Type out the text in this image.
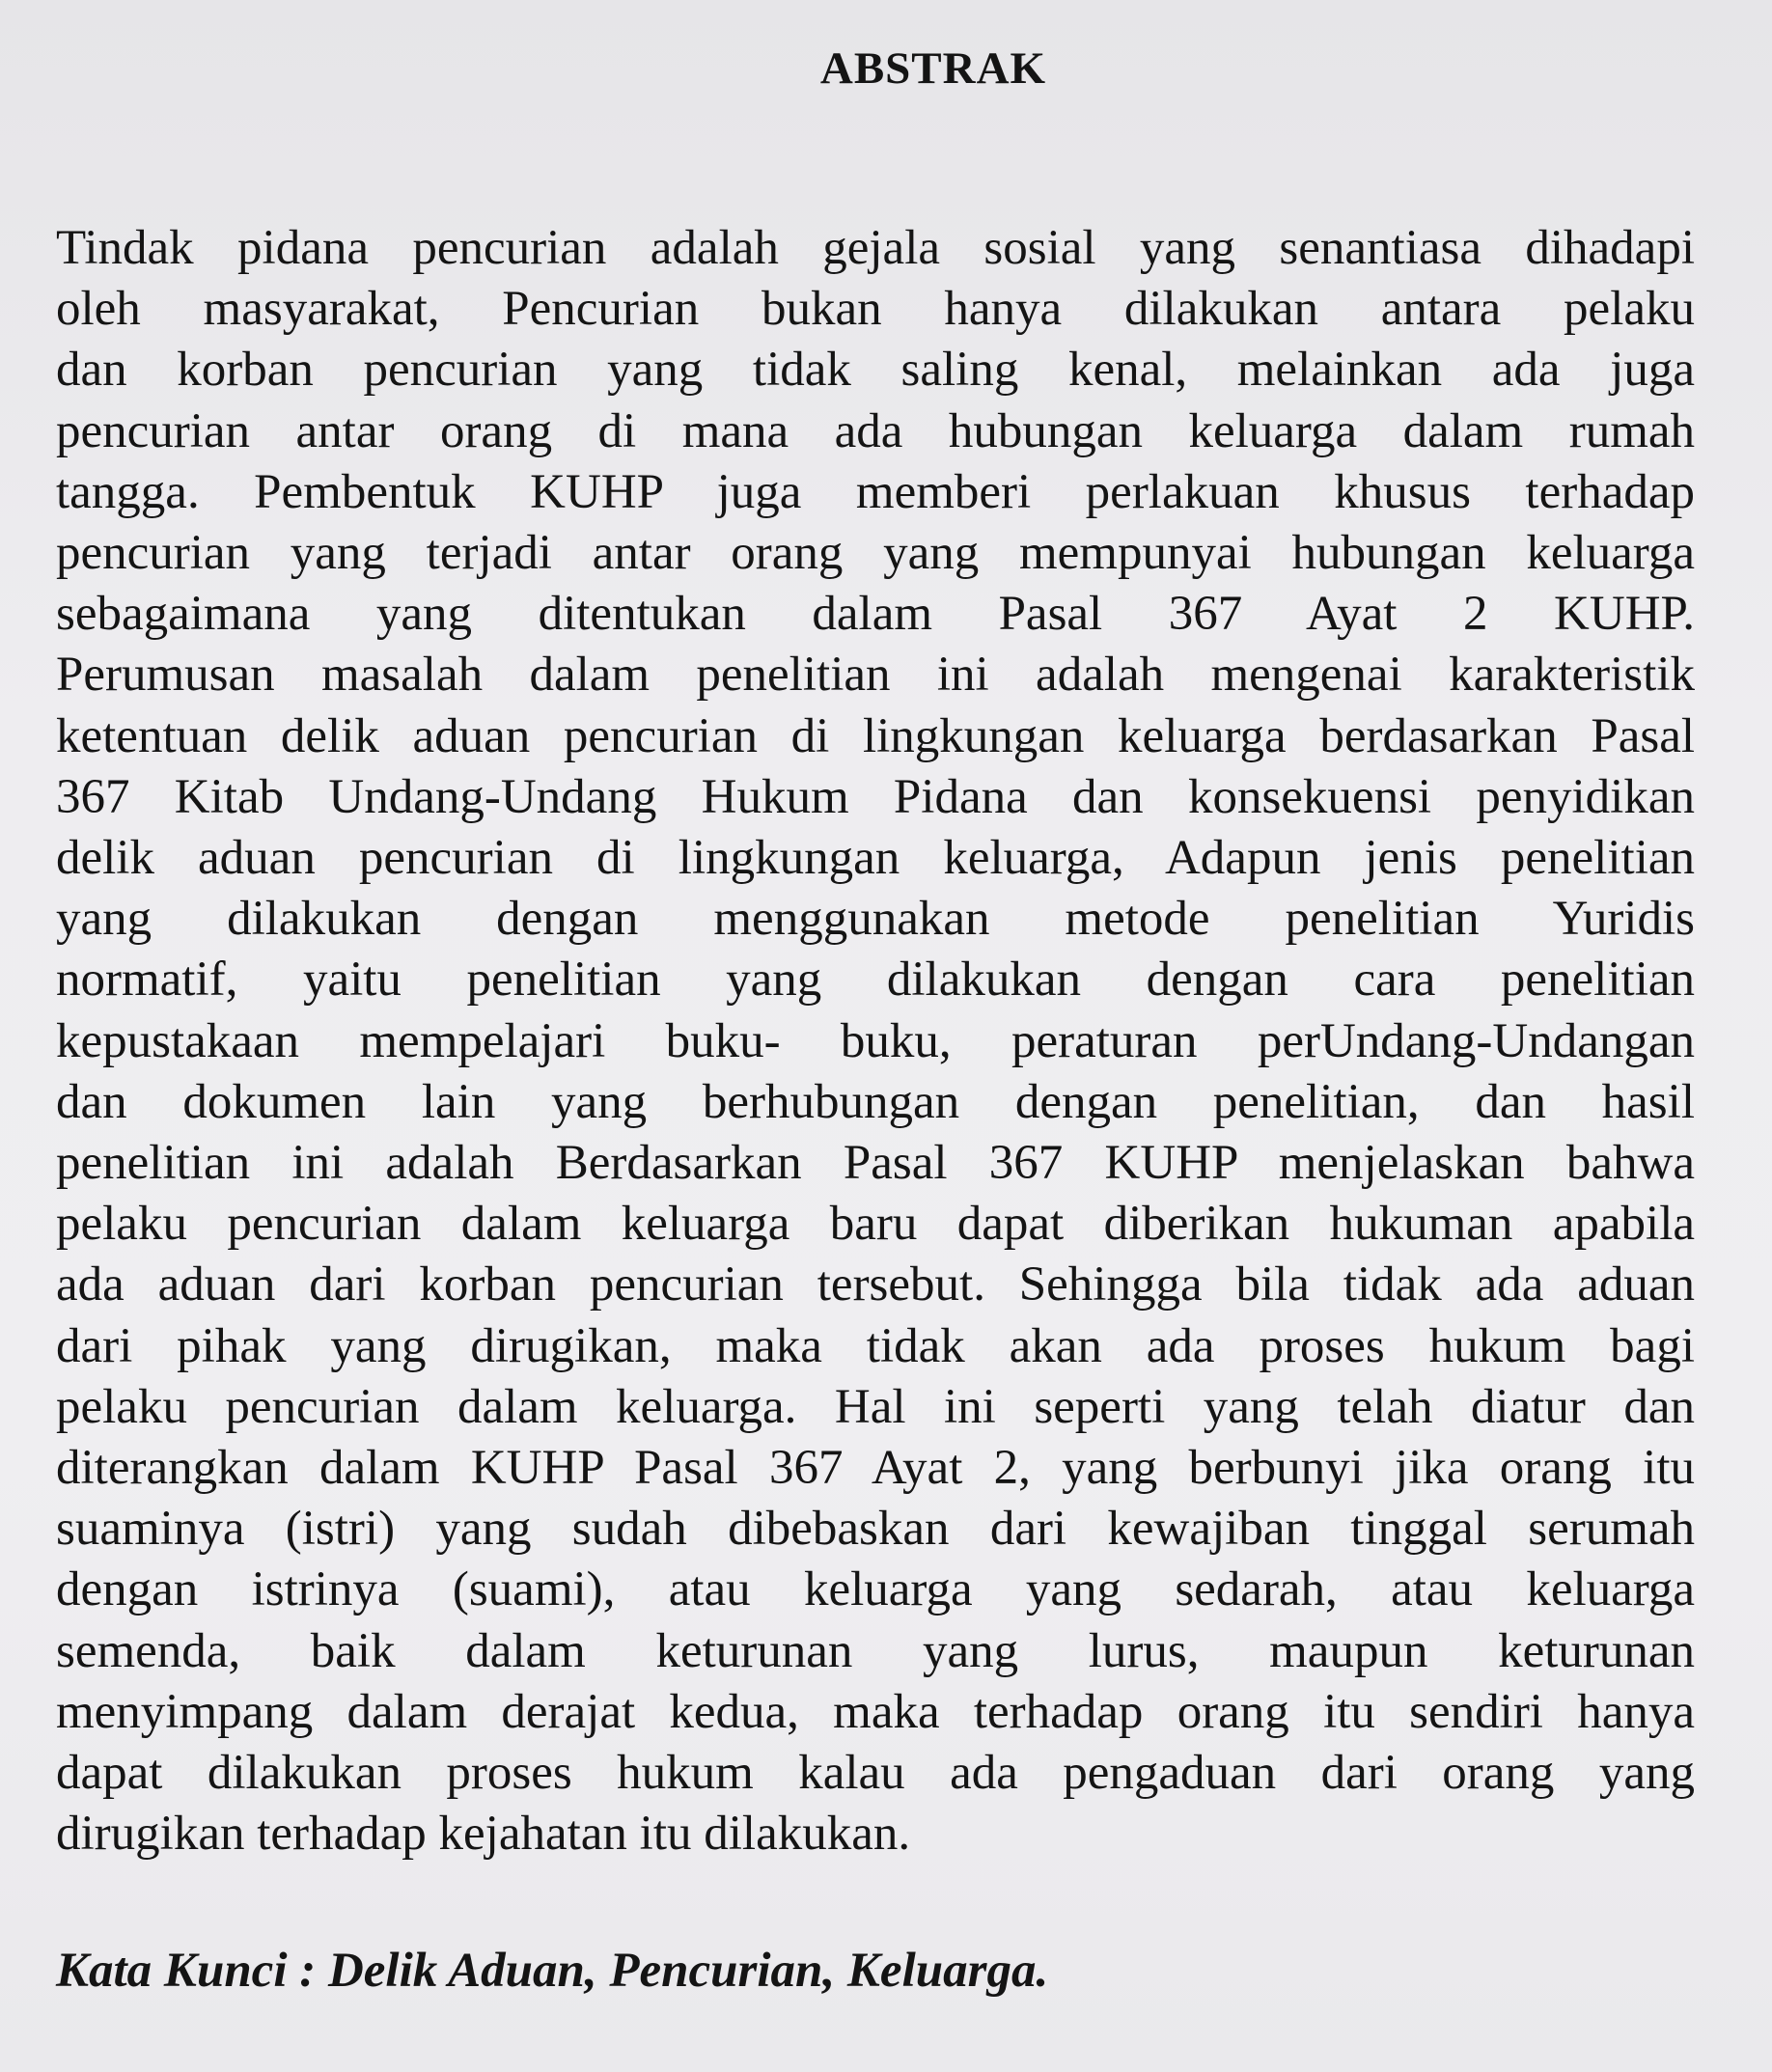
ABSTRAK
Tindak pidana pencurian adalah gejala sosial yang senantiasa dihadapi
oleh masyarakat, Pencurian bukan hanya dilakukan antara pelaku
dan korban pencurian yang tidak saling kenal, melainkan ada juga
pencurian antar orang di mana ada hubungan keluarga dalam rumah
tangga. Pembentuk KUHP juga memberi perlakuan khusus terhadap
pencurian yang terjadi antar orang yang mempunyai hubungan keluarga
sebagaimana yang ditentukan dalam Pasal 367 Ayat 2 KUHP.
Perumusan masalah dalam penelitian ini adalah mengenai karakteristik
ketentuan delik aduan pencurian di lingkungan keluarga berdasarkan Pasal
367 Kitab Undang-Undang Hukum Pidana dan konsekuensi penyidikan
delik aduan pencurian di lingkungan keluarga, Adapun jenis penelitian
yang dilakukan dengan menggunakan metode penelitian Yuridis
normatif, yaitu penelitian yang dilakukan dengan cara penelitian
kepustakaan mempelajari buku- buku, peraturan perUndang-Undangan
dan dokumen lain yang berhubungan dengan penelitian, dan hasil
penelitian ini adalah Berdasarkan Pasal 367 KUHP menjelaskan bahwa
pelaku pencurian dalam keluarga baru dapat diberikan hukuman apabila
ada aduan dari korban pencurian tersebut. Sehingga bila tidak ada aduan
dari pihak yang dirugikan, maka tidak akan ada proses hukum bagi
pelaku pencurian dalam keluarga. Hal ini seperti yang telah diatur dan
diterangkan dalam KUHP Pasal 367 Ayat 2, yang berbunyi jika orang itu
suaminya (istri) yang sudah dibebaskan dari kewajiban tinggal serumah
dengan istrinya (suami), atau keluarga yang sedarah, atau keluarga
semenda, baik dalam keturunan yang lurus, maupun keturunan
menyimpang dalam derajat kedua, maka terhadap orang itu sendiri hanya
dapat dilakukan proses hukum kalau ada pengaduan dari orang yang
dirugikan terhadap kejahatan itu dilakukan.
Kata Kunci : Delik Aduan, Pencurian, Keluarga.
